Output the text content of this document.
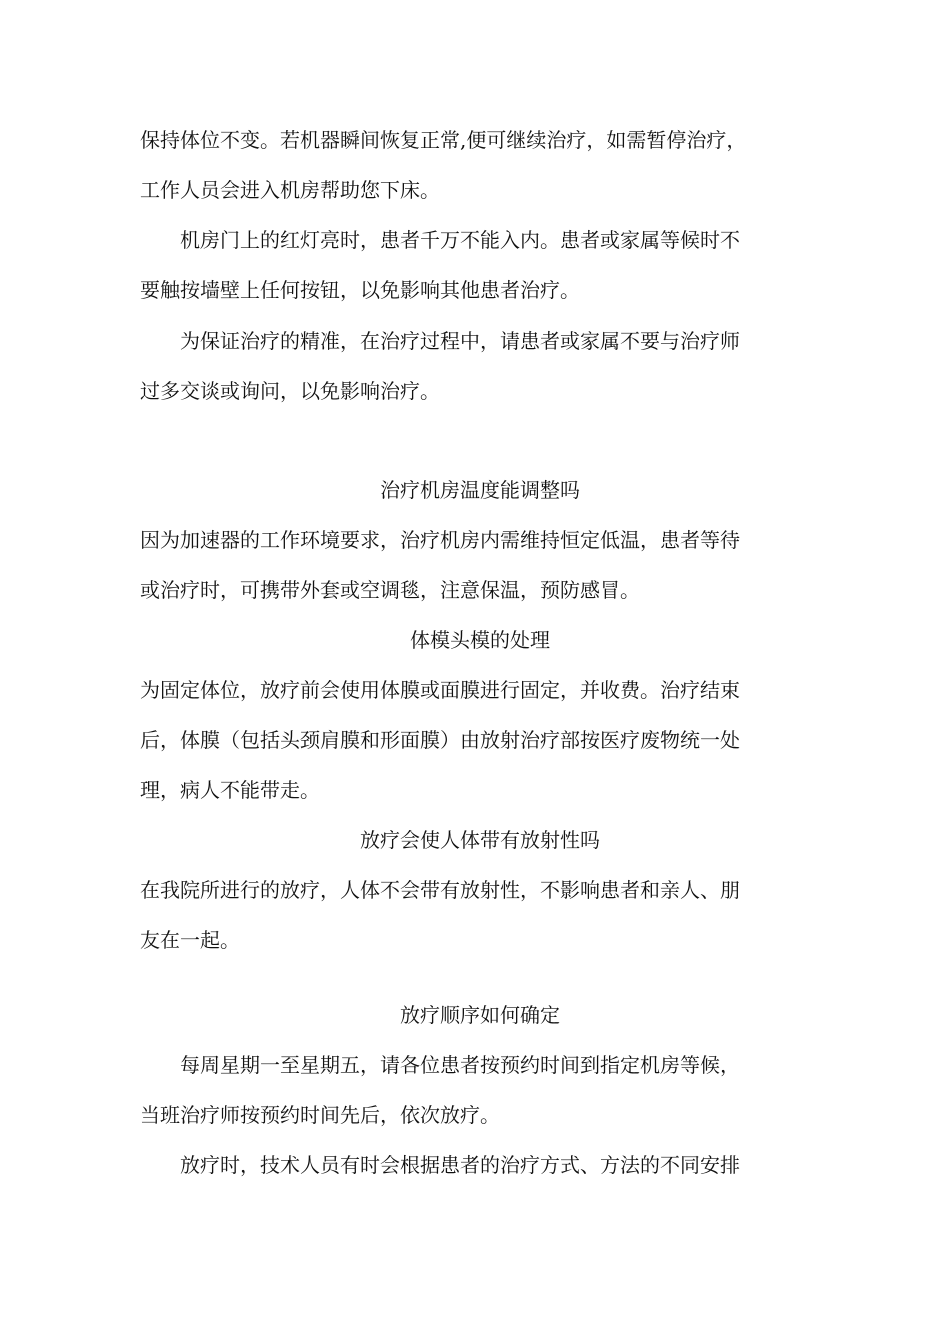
保持体位不变。若机器瞬间恢复正常,便可继续治疗，如需暂停治疗，

工作人员会进入机房帮助您下床。

机房门上的红灯亮时，患者千万不能入内。患者或家属等候时不

要触按墙壁上任何按钮，以免影响其他患者治疗。

为保证治疗的精准，在治疗过程中，请患者或家属不要与治疗师

过多交谈或询问，以免影响治疗。

治疗机房温度能调整吗

因为加速器的工作环境要求，治疗机房内需维持恒定低温，患者等待

或治疗时，可携带外套或空调毯，注意保温，预防感冒。

体模头模的处理

为固定体位，放疗前会使用体膜或面膜进行固定，并收费。治疗结束

后，体膜（包括头颈肩膜和形面膜）由放射治疗部按医疗废物统一处

理，病人不能带走。

放疗会使人体带有放射性吗

在我院所进行的放疗，人体不会带有放射性，不影响患者和亲人、朋

友在一起。

放疗顺序如何确定

每周星期一至星期五，请各位患者按预约时间到指定机房等候，

当班治疗师按预约时间先后，依次放疗。

放疗时，技术人员有时会根据患者的治疗方式、方法的不同安排
